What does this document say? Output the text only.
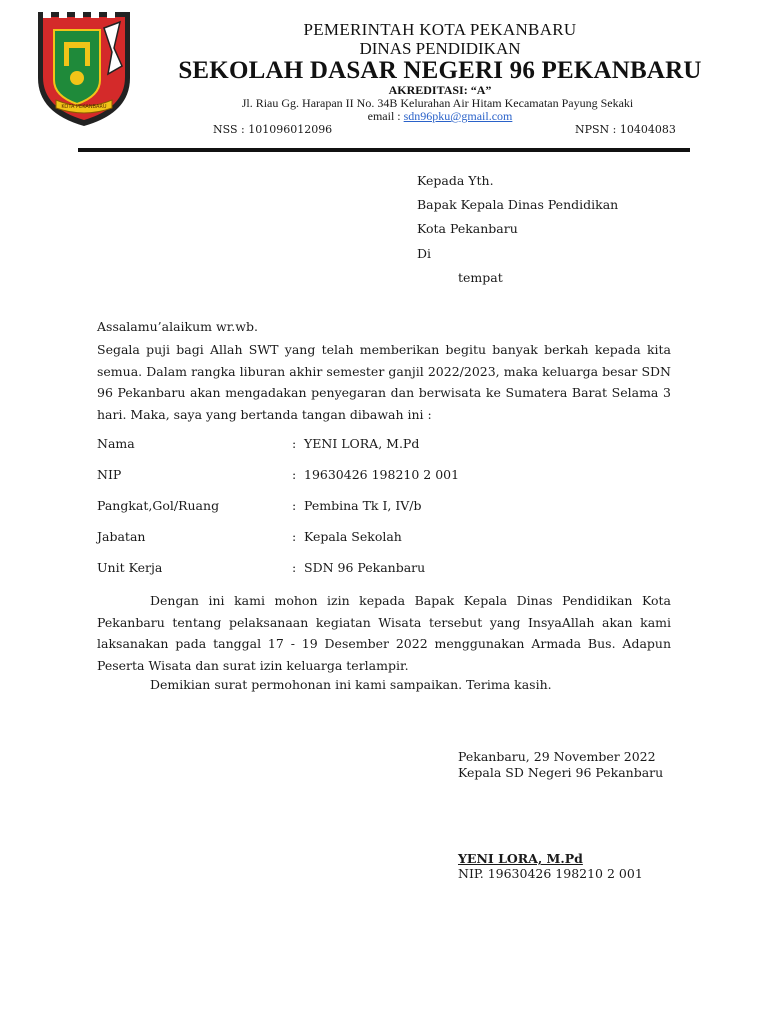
KOTA PEKANBARU
PEMERINTAH KOTA PEKANBARU
DINAS PENDIDIKAN
SEKOLAH DASAR NEGERI 96 PEKANBARU
AKREDITASI: “A”
Jl. Riau Gg. Harapan II No. 34B Kelurahan Air Hitam Kecamatan Payung Sekaki
email : sdn96pku@gmail.com
NSS : 101096012096	NPSN : 10404083
Kepada Yth.
Bapak Kepala Dinas Pendidikan
Kota Pekanbaru
Di
tempat
Assalamu’alaikum wr.wb.
Segala puji bagi Allah SWT yang telah memberikan begitu banyak berkah kepada kita semua. Dalam rangka liburan akhir semester ganjil 2022/2023, maka keluarga besar SDN 96 Pekanbaru akan mengadakan penyegaran dan berwisata ke Sumatera Barat Selama 3 hari. Maka, saya yang bertanda tangan dibawah ini :
Nama	: YENI LORA, M.Pd
NIP	: 19630426 198210 2 001
Pangkat,Gol/Ruang	: Pembina Tk I, IV/b
Jabatan	: Kepala Sekolah
Unit Kerja	: SDN 96 Pekanbaru
Dengan ini kami mohon izin kepada Bapak Kepala Dinas Pendidikan Kota Pekanbaru tentang pelaksanaan kegiatan Wisata tersebut yang InsyaAllah akan kami laksanakan pada tanggal 17 - 19 Desember 2022 menggunakan Armada Bus. Adapun Peserta Wisata dan surat izin keluarga terlampir.
Demikian surat permohonan ini kami sampaikan. Terima kasih.
Pekanbaru, 29 November 2022
Kepala SD Negeri 96 Pekanbaru
YENI LORA, M.Pd
NIP. 19630426 198210 2 001
